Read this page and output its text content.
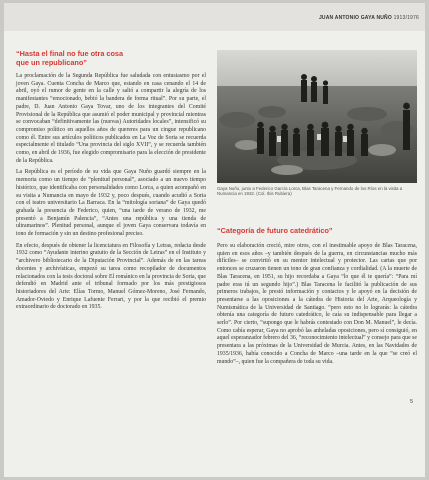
JUAN ANTONIO GAYA NUÑO 1913/1976
“Hasta el final no fue otra cosa
que un republicano”

La proclamación de la Segunda República fue saludada con entusiasmo por el joven Gaya. Cuenta Concha de Marco que, estando en casa cenando el 14 de abril, oyó el rumor de gente en la calle y salió a compartir la alegría de los manifestantes “emocionado, bebió la bandera de forma ritual”. Por su parte, el padre, D. Juan Antonio Gaya Tovar, uno de los integrantes del Comité Provisional de la República que asumió el poder municipal y provincial mientras se convocaban “definitivamente las (nuevas) Autoridades locales”, intensificó su compromiso político en aquellos años de quereres para un cingue republicano como él. Entre sus artículos políticos publicados en La Voz de Soria se recuerda especialmente el titulado “Una provincia del siglo XVII”, y se recuerda también como, en abril de 1936, fue elegido compromisario para la elección de presidente de la República.

La República es el período de su vida que Gaya Nuño guardó siempre en la memoria como un tiempo de “plenitud personal”, asociado a un nuevo tiempo histórico, que identificaba con personalidades como Lorca, a quien acompañó en su visita a Numancia en mayo de 1932 y, poco después, cuando acudió a Soria con el teatro universitario La Barraca. En la “mitología soriana” de Gaya quedó grabada la presencia de Federico, quien, “una tarde de verano de 1932, me presentó a Benjamín Palencia”, “Antes una república y una tienda de ultramarinos”. Plenitud personal, aunque el joven Gaya conservara todavía en tono de formación y sin un destino profesional preciso.

En efecto, después de obtener la licenciatura en Filosofía y Letras, redacta desde 1932 como “Ayudante interino gratuito de la Sección de Letras” en el Instituto y “archivero bibliotecario de la Diputación Provincial”. Además de en las tareas docentes y archivísticas, empezó su tarea como recopilador de documentos relacionados con la tesis doctoral sobre El románico en la provincia de Soria, que defendió en Madrid ante el tribunal formado por los más prestigiosos historiadores del Arte: Elías Tormo, Manuel Gómez-Moreno, José Fernando, Amador-Oviedo y Enrique Lafuente Ferrari, y por la que recibió el premio extraordinario de doctorado en 1935.

Gaya Nuño, junto a Federico García Lorca, Blas Taracena y Fernando de los Ríos en la visita a Numancia en 1932. (Col. Ibis Rubiera)
“Categoría de futuro catedrático”

Pero su elaboración creció, mire otros, con el inestimable apoyo de Blas Taracena, quien en esos años –y también después de la guerra, en circunstancias mucho más difíciles– se convirtió en su mentor intelectual y protector. Las cartas que por entonces se cruzaron tienen un tono de gran confianza y cordialidad. (A la muerte de Blas Taracena, en 1951, su hijo recordaba a Gaya “lo que él te quería”: “Para mí padre eras tú un segundo hijo”.) Blas Taracena le facilitó la publicación de sus primeros trabajos, le prestó información y contactos y le apoyó en la decisión de presentarse a las oposiciones a la cátedra de Historia del Arte, Arqueología y Numismática de la Universidad de Santiago. “pero esto no lo lograrás: la cátedra obtenía una categoría de futuro catedrático, le caía su indispensable para llegar a serlo”. Por cierto, “supongo que le habrás contestado con Don M. Manuel”, le decía. Como cabía esperar, Gaya no aprobó las anheladas oposiciones, pero sí consiguió, en aquel esperanzador febrero del 36, “reconocimiento intelectual” y consejo para que se presentara a las próximas de la Universidad de Murcia. Antes, en las Navidades de 1935/1936, había conocido a Concha de Marco –una tarde en la que “se creó el mundo”–, quien fue la compañera de toda su vida.

5
